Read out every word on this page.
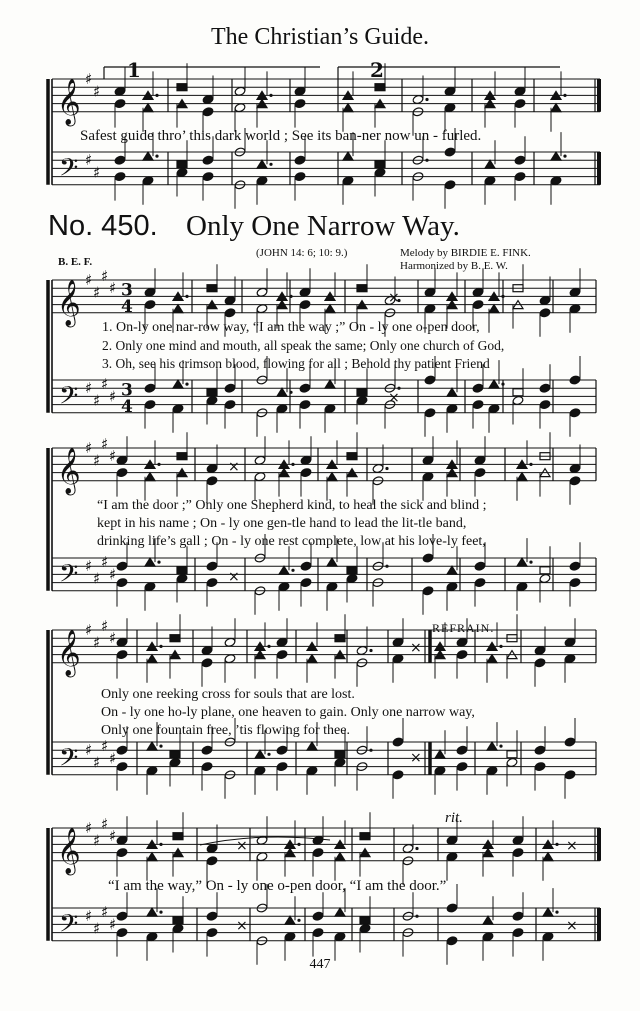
The Christian’s Guide.
1	2
Safest guide thro’ this dark world ; See its ban-ner now un - furled.
No. 450. Only One Narrow Way.
(JOHN 14: 6; 10: 9.)	Melody by BIRDIE E. FINK.
Harmonized by B. E. W.
B. E. F.
1. On-ly one nar-row way, “I am the way ;” On - ly one o-pen door,
2. Only one mind and mouth, all speak the same; Only one church of God,
3. Oh, see his crimson blood, flowing for all ; Behold thy patient Friend
“I am the door ;” Only one Shepherd kind, to heal the sick and blind ;
kept in his name ; On - ly one gen-tle hand to lead the lit-tle band,
drinking life’s gall ; On - ly one rest complete, low at his love-ly feet,
REFRAIN.
Only one reeking cross for souls that are lost.
On - ly one ho-ly plane, one heaven to gain. Only one narrow way,
Only one fountain free, ’tis flowing for thee.
rit.
“I am the way,” On - ly one o-pen door, “I am the door.”
447
𝄞
𝄢
♯
♯
♯
♯
𝄞
𝄢
♯
♯
♯
♯
♯
♯
♯
♯
3
4
3
4
×
×
𝄞
𝄢
♯
♯
♯
♯
♯
♯
♯
♯
×
×
𝄞
𝄢
♯
♯
♯
♯
♯
♯
♯
♯
×
×
𝄞
𝄢
♯
♯
♯
♯
♯
♯
♯
♯
×
×
×
×
